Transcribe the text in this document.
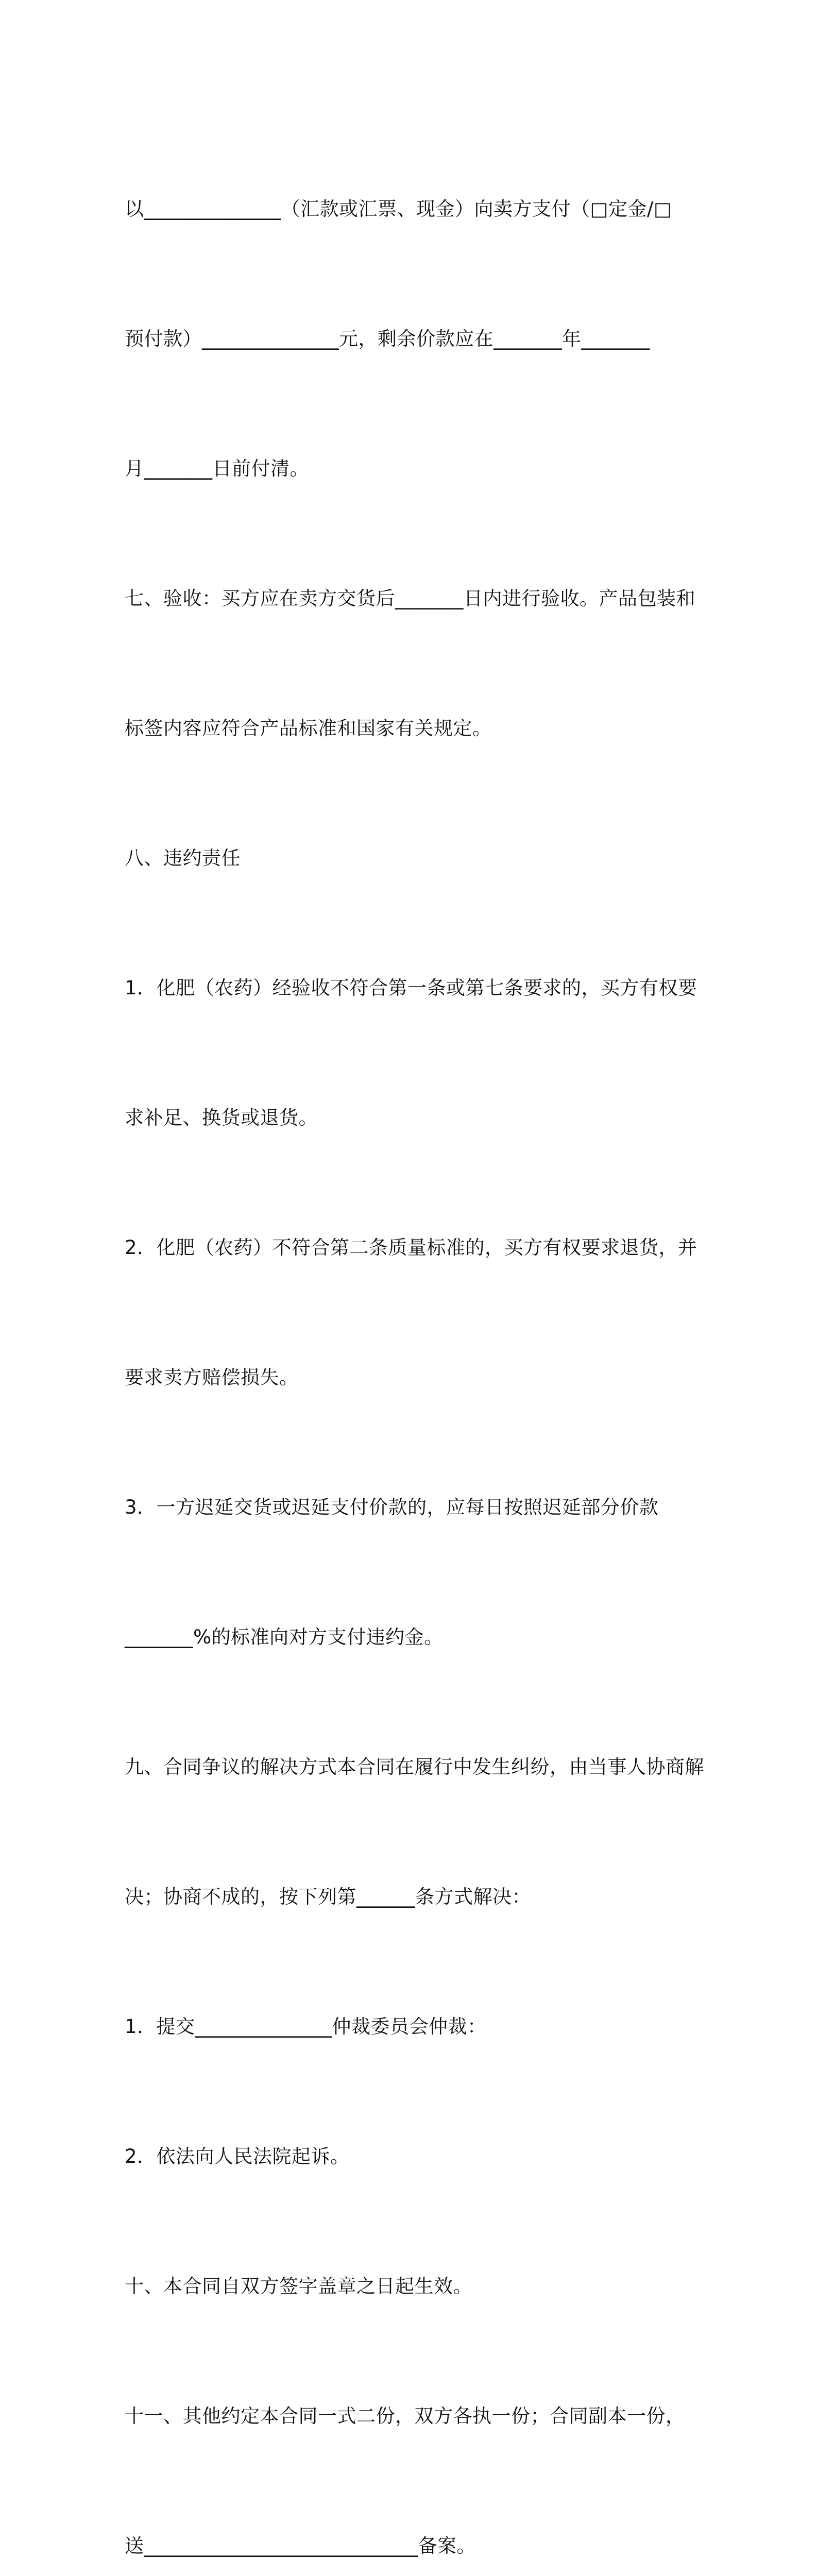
以______________（汇款或汇票、现金）向卖方支付（□定金/□

预付款）______________元，剩余价款应在_______年_______

月_______日前付清。

七、验收：买方应在卖方交货后_______日内进行验收。产品包装和

标签内容应符合产品标准和国家有关规定。

八、违约责任

1．化肥（农药）经验收不符合第一条或第七条要求的，买方有权要

求补足、换货或退货。

2．化肥（农药）不符合第二条质量标准的，买方有权要求退货，并

要求卖方赔偿损失。

3．一方迟延交货或迟延支付价款的，应每日按照迟延部分价款

_______%的标准向对方支付违约金。

九、合同争议的解决方式本合同在履行中发生纠纷，由当事人协商解

决；协商不成的，按下列第______条方式解决：

1．提交______________仲裁委员会仲裁：

2．依法向人民法院起诉。

十、本合同自双方签字盖章之日起生效。

十一、其他约定本合同一式二份，双方各执一份；合同副本一份，

送____________________________备案。
